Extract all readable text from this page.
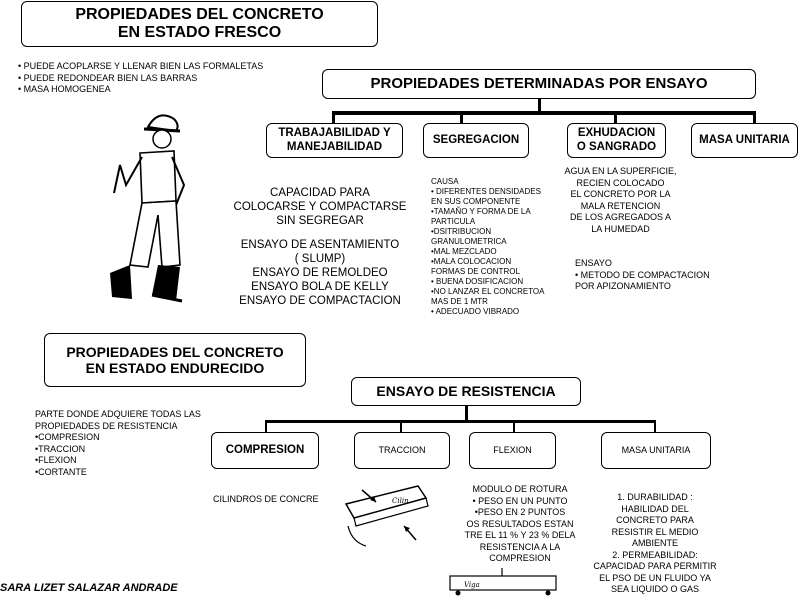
PROPIEDADES DEL CONCRETO
EN ESTADO FRESCO
• PUEDE ACOPLARSE Y LLENAR BIEN LAS FORMALETAS
• PUEDE REDONDEAR BIEN LAS BARRAS
• MASA HOMOGENEA	PROPIEDADES DETERMINADAS POR ENSAYO
TRABAJABILIDAD Y
MANEJABILIDAD
SEGREGACION
EXHUDACION
O SANGRADO
MASA UNITARIA
CAPACIDAD PARA
COLOCARSE Y COMPACTARSE
SIN SEGREGAR
ENSAYO DE ASENTAMIENTO
( SLUMP)
ENSAYO DE REMOLDEO
ENSAYO BOLA DE KELLY
ENSAYO DE COMPACTACION
CAUSA
• DIFERENTES DENSIDADES
EN SUS COMPONENTE
•TAMAÑO Y FORMA DE LA
PARTICULA
•DSITRIBUCION
GRANULOMETRICA
•MAL MEZCLADO
•MALA COLOCACION
FORMAS DE CONTROL
• BUENA DOSIFICACION
•NO LANZAR EL CONCRETOA
MAS DE 1 MTR
• ADECUADO VIBRADO
AGUA EN LA SUPERFICIE,
RECIEN COLOCADO
EL CONCRETO POR LA
MALA RETENCION
DE LOS AGREGADOS A
LA HUMEDAD
ENSAYO
• METODO DE COMPACTACION
POR APIZONAMIENTO
PROPIEDADES DEL CONCRETO
EN ESTADO ENDURECIDO
PARTE DONDE ADQUIERE TODAS LAS
PROPIEDADES DE RESISTENCIA
•COMPRESION
•TRACCION
•FLEXION
•CORTANTE
ENSAYO DE RESISTENCIA
COMPRESION	TRACCION	FLEXION	MASA UNITARIA
CILINDROS DE CONCRE	Cilin
MODULO DE ROTURA
• PESO EN UN PUNTO
•PESO EN 2 PUNTOS
OS RESULTADOS ESTAN
TRE EL 11 % Y 23 % DELA
RESISTENCIA A LA
COMPRESION
Viga
1. DURABILIDAD :
HABILIDAD DEL
CONCRETO PARA
RESISTIR EL MEDIO
AMBIENTE
2. PERMEABILIDAD:
CAPACIDAD PARA PERMITIR
EL PSO DE UN FLUIDO YA
SEA LIQUIDO O GAS
SARA LIZET SALAZAR ANDRADE
